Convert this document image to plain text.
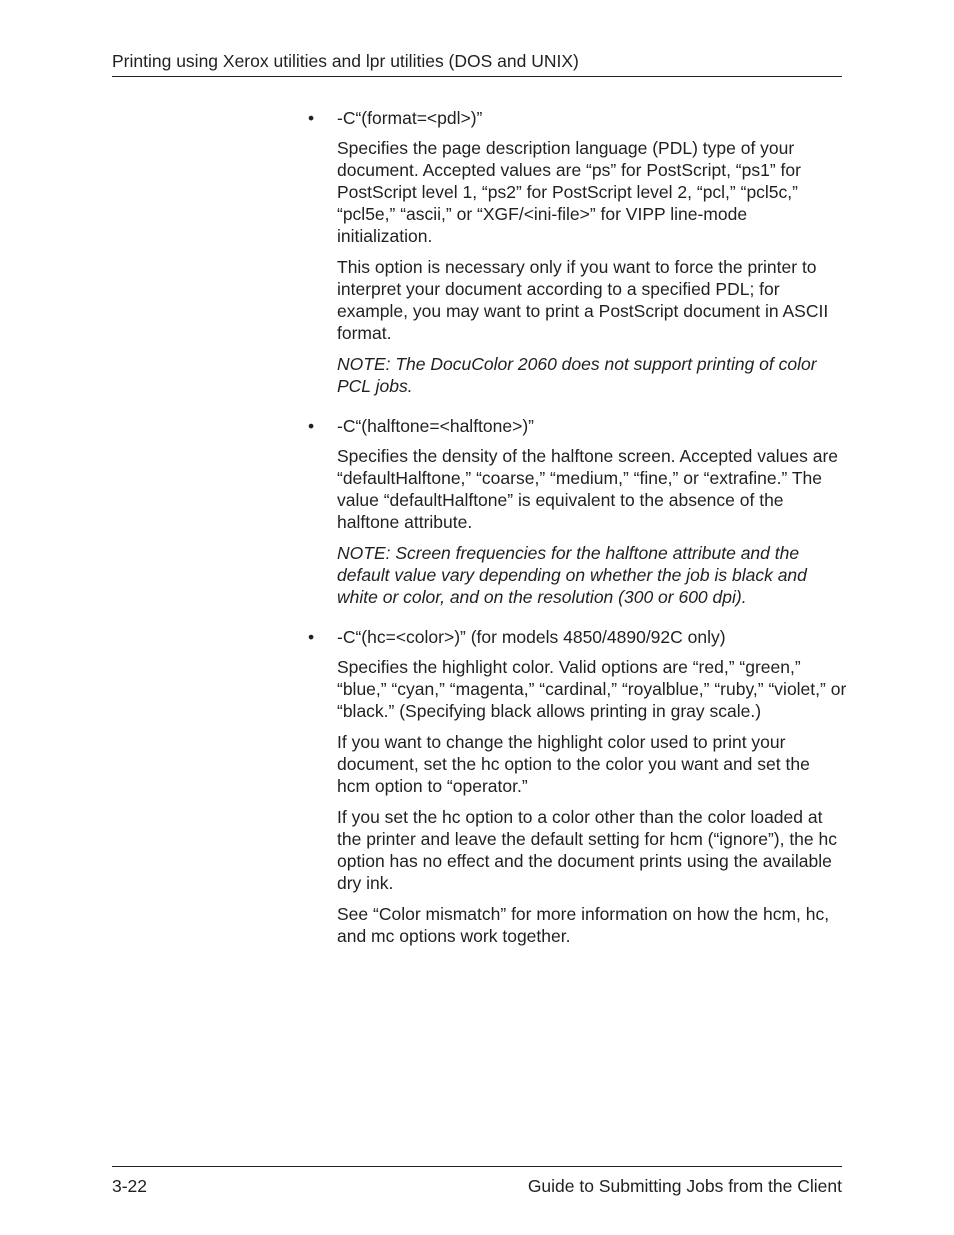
Printing using Xerox utilities and lpr utilities (DOS and UNIX)
• -C“(format=<pdl>)”

Specifies the page description language (PDL) type of your document. Accepted values are “ps” for PostScript, “ps1” for PostScript level 1, “ps2” for PostScript level 2, “pcl,” “pcl5c,” “pcl5e,” “ascii,” or “XGF/<ini-file>” for VIPP line-mode initialization.

This option is necessary only if you want to force the printer to interpret your document according to a specified PDL; for example, you may want to print a PostScript document in ASCII format.

NOTE: The DocuColor 2060 does not support printing of color PCL jobs.

• -C“(halftone=<halftone>)”

Specifies the density of the halftone screen. Accepted values are “defaultHalftone,” “coarse,” “medium,” “fine,” or “extrafine.” The value “defaultHalftone” is equivalent to the absence of the halftone attribute.

NOTE: Screen frequencies for the halftone attribute and the default value vary depending on whether the job is black and white or color, and on the resolution (300 or 600 dpi).

• -C“(hc=<color>)” (for models 4850/4890/92C only)

Specifies the highlight color. Valid options are “red,” “green,” “blue,” “cyan,” “magenta,” “cardinal,” “royalblue,” “ruby,” “violet,” or “black.” (Specifying black allows printing in gray scale.)

If you want to change the highlight color used to print your document, set the hc option to the color you want and set the hcm option to “operator.”

If you set the hc option to a color other than the color loaded at the printer and leave the default setting for hcm (“ignore”), the hc option has no effect and the document prints using the available dry ink.

See “Color mismatch” for more information on how the hcm, hc, and mc options work together.

3-22	Guide to Submitting Jobs from the Client
